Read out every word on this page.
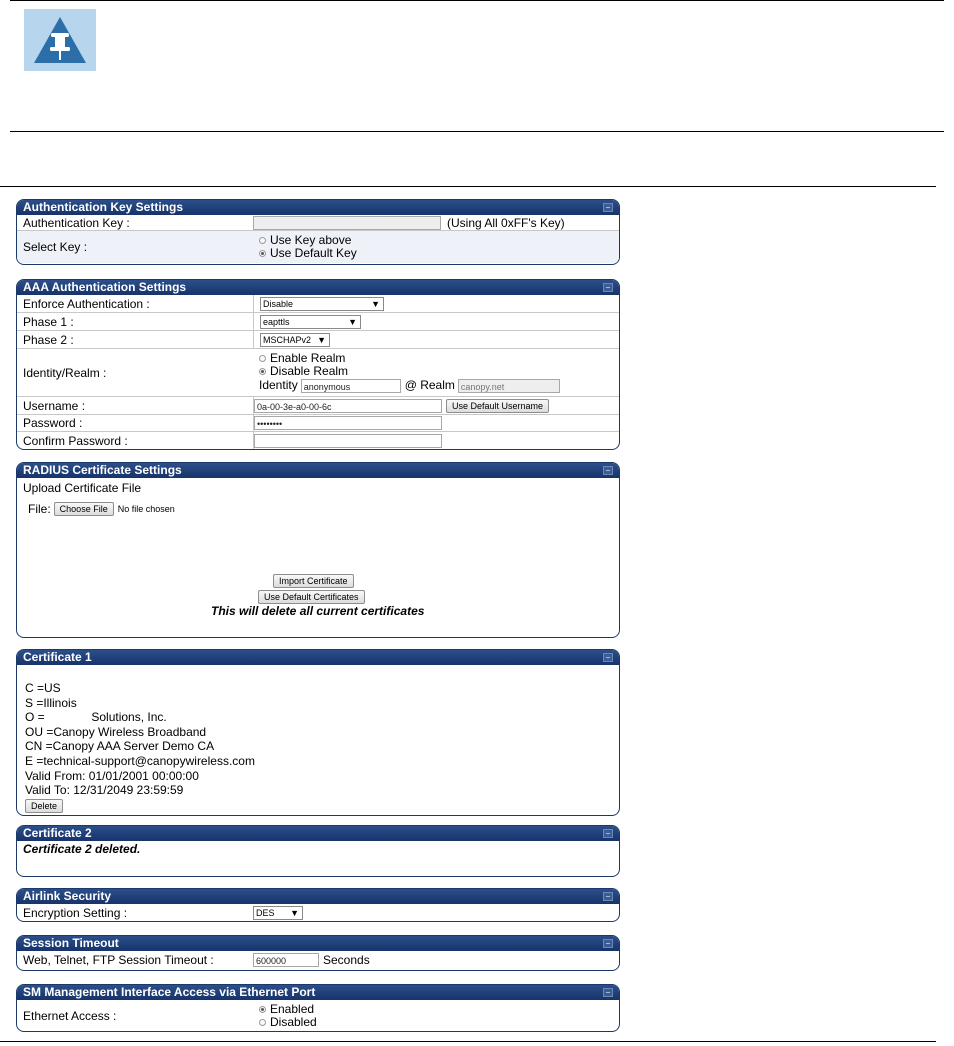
Authentication Key Settings
Authentication Key :	(Using All 0xFF's Key)
Select Key :	Use Key above
Use Default Key
AAA Authentication Settings
Enforce Authentication :	Disable	▼
Phase 1 :	eapttls	▼
Phase 2 :	MSCHAPv2 ▼
Identity/Realm :
Enable Realm
Disable Realm
Identity anonymous	@ Realm canopy.net
Username :	0a-00-3e-a0-00-6c	Use Default Username
Password :	••••••••
Confirm Password :
RADIUS Certificate Settings
Upload Certificate File
File:	Choose File	No file chosen
Import Certificate
Use Default Certificates
This will delete all current certificates
Certificate 1
C =US
S =Illinois
O =              Solutions, Inc.
OU =Canopy Wireless Broadband
CN =Canopy AAA Server Demo CA
E =technical-support@canopywireless.com
Valid From: 01/01/2001 00:00:00
Valid To: 12/31/2049 23:59:59
Delete
Certificate 2
Certificate 2 deleted.
Airlink Security
Encryption Setting :	DES ▼
Session Timeout
Web, Telnet, FTP Session Timeout :	600000	Seconds
SM Management Interface Access via Ethernet Port
Ethernet Access :	Enabled
Disabled
